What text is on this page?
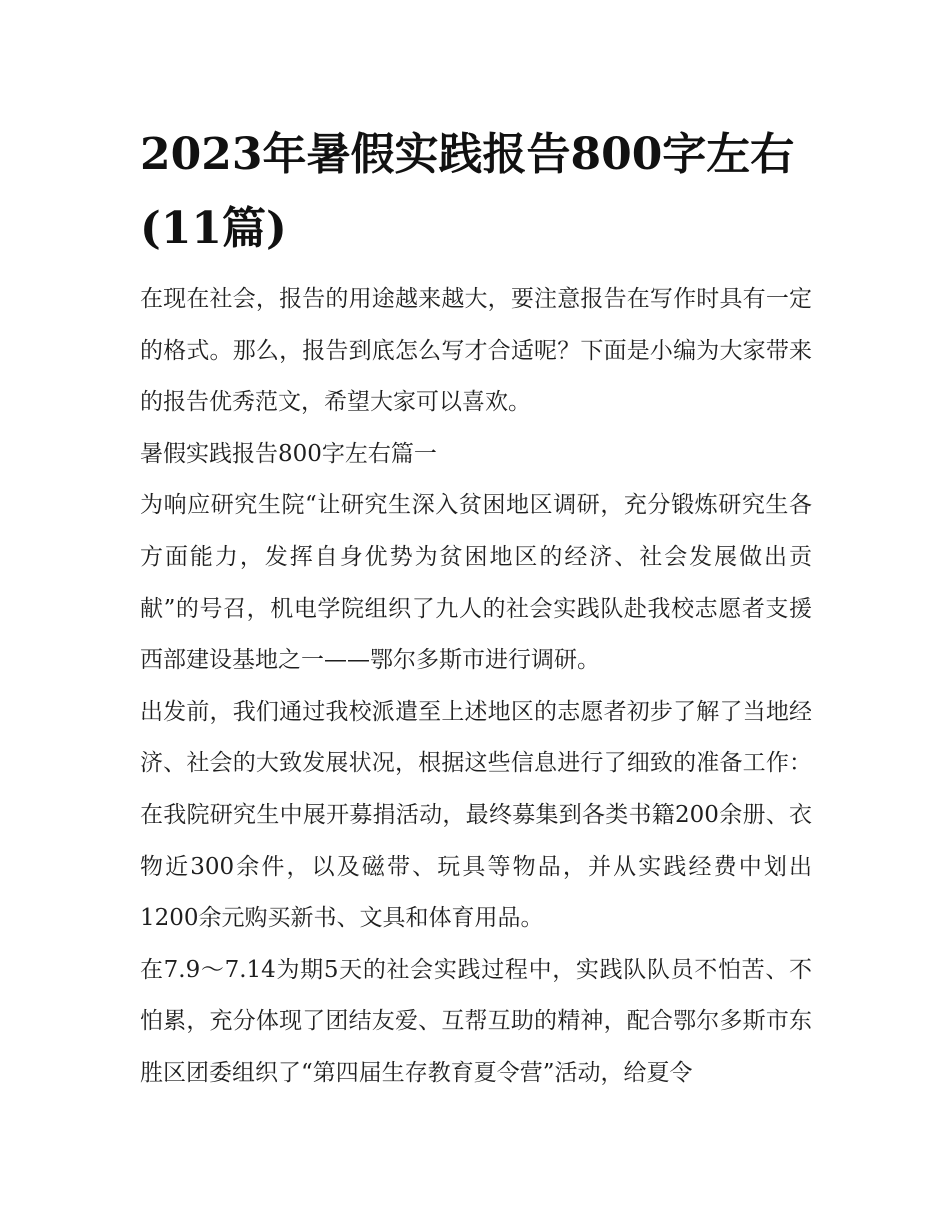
2023年暑假实践报告800字左右(11篇)

在现在社会，报告的用途越来越大，要注意报告在写作时具有一定的格式。那么，报告到底怎么写才合适呢？下面是小编为大家带来的报告优秀范文，希望大家可以喜欢。

暑假实践报告800字左右篇一

为响应研究生院“让研究生深入贫困地区调研，充分锻炼研究生各方面能力，发挥自身优势为贫困地区的经济、社会发展做出贡献”的号召，机电学院组织了九人的社会实践队赴我校志愿者支援西部建设基地之一——鄂尔多斯市进行调研。

出发前，我们通过我校派遣至上述地区的志愿者初步了解了当地经济、社会的大致发展状况，根据这些信息进行了细致的准备工作：在我院研究生中展开募捐活动，最终募集到各类书籍200余册、衣物近300余件，以及磁带、玩具等物品，并从实践经费中划出1200余元购买新书、文具和体育用品。

在7.9～7.14为期5天的社会实践过程中，实践队队员不怕苦、不怕累，充分体现了团结友爱、互帮互助的精神，配合鄂尔多斯市东胜区团委组织了“第四届生存教育夏令营”活动，给夏令
